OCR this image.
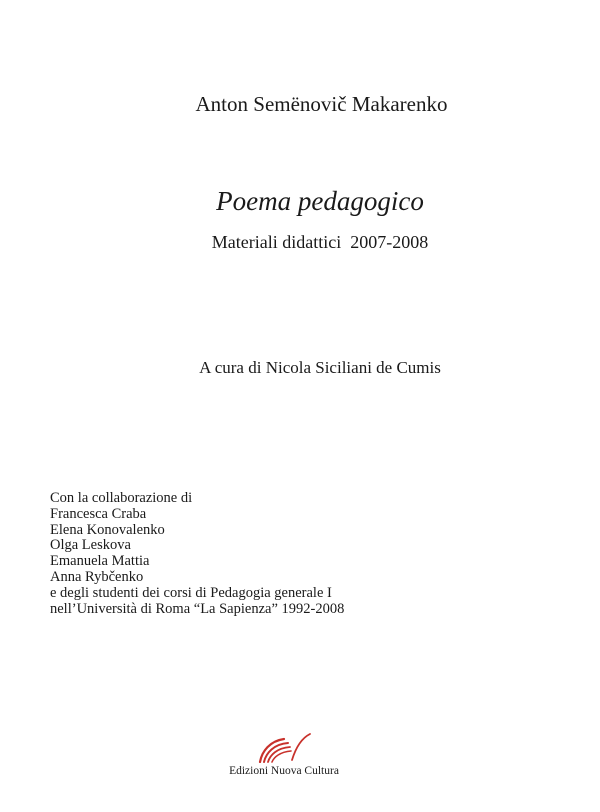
Anton Semënovič Makarenko
Poema pedagogico
Materiali didattici  2007-2008
A cura di Nicola Siciliani de Cumis
Con la collaborazione di
Francesca Craba
Elena Konovalenko
Olga Leskova
Emanuela Mattia
Anna Rybčenko
e degli studenti dei corsi di Pedagogia generale I
nell’Università di Roma “La Sapienza” 1992-2008
Edizioni Nuova Cultura
